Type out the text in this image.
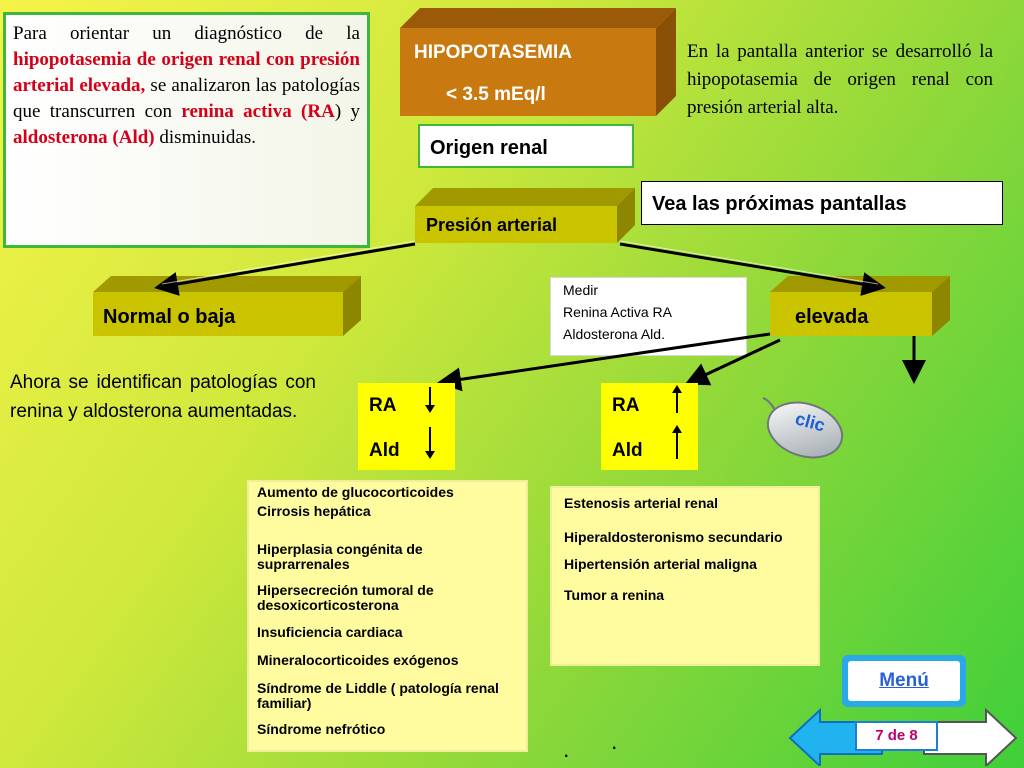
Para orientar un diagnóstico de la hipopotasemia de origen renal con presión arterial elevada, se analizaron las patologías que transcurren con renina activa (RA) y aldosterona (Ald) disminuidas.
HIPOPOTASEMIA
< 3.5 mEq/l
Origen renal
En la pantalla anterior se desarrolló la hipopotasemia de origen renal con presión arterial alta.
Vea las próximas pantallas
Presión arterial
Normal o baja	elevada
Medir
Renina Activa RA
Aldosterona Ald.
Ahora se identifican patologías con renina y aldosterona aumentadas.	RA
Ald
RA
Ald
clic
Aumento de glucocorticoides
Cirrosis hepática
Hiperplasia congénita de suprarrenales
Hipersecreción tumoral de desoxicorticosterona
Insuficiencia cardiaca
Mineralocorticoides exógenos
Síndrome de Liddle ( patología renal familiar)
Síndrome nefrótico
Estenosis arterial renal
Hiperaldosteronismo secundario
Hipertensión arterial maligna
Tumor a renina
.	.
Menú
7 de 8
